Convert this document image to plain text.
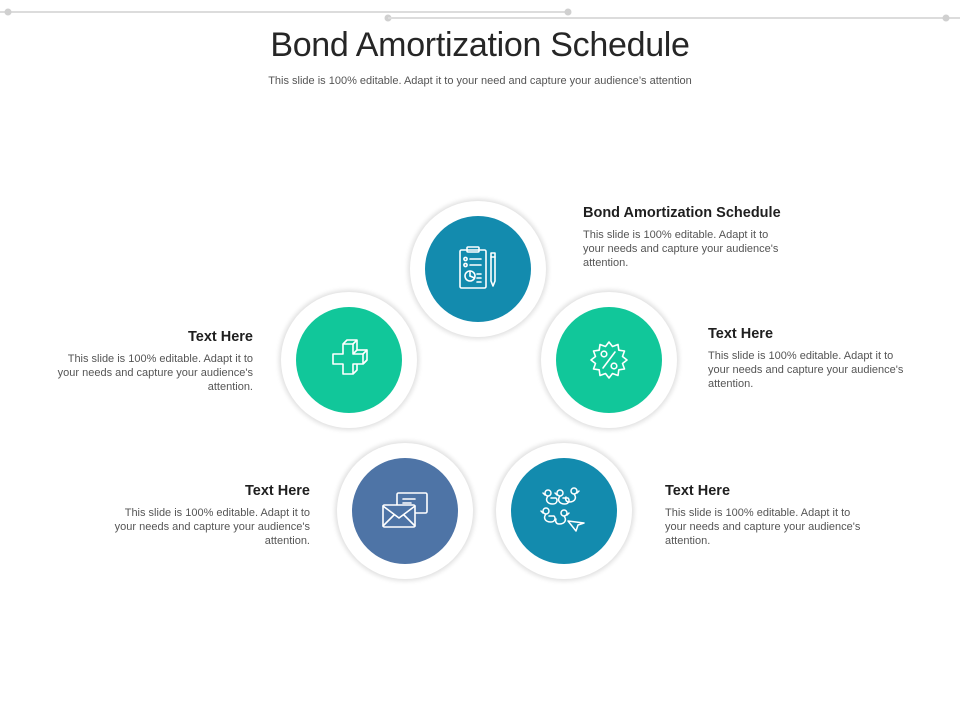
Bond Amortization Schedule
This slide is 100% editable. Adapt it to your need and capture your audience’s attention
Bond Amortization Schedule
This slide is 100% editable. Adapt it to your needs and capture your audience's attention.
Text Here
This slide is 100% editable. Adapt it to your needs and capture your audience's attention.
Text Here
This slide is 100% editable. Adapt it to your needs and capture your audience's attention.
Text Here
This slide is 100% editable. Adapt it to your needs and capture your audience's attention.
Text Here
This slide is 100% editable. Adapt it to your needs and capture your audience's attention.
